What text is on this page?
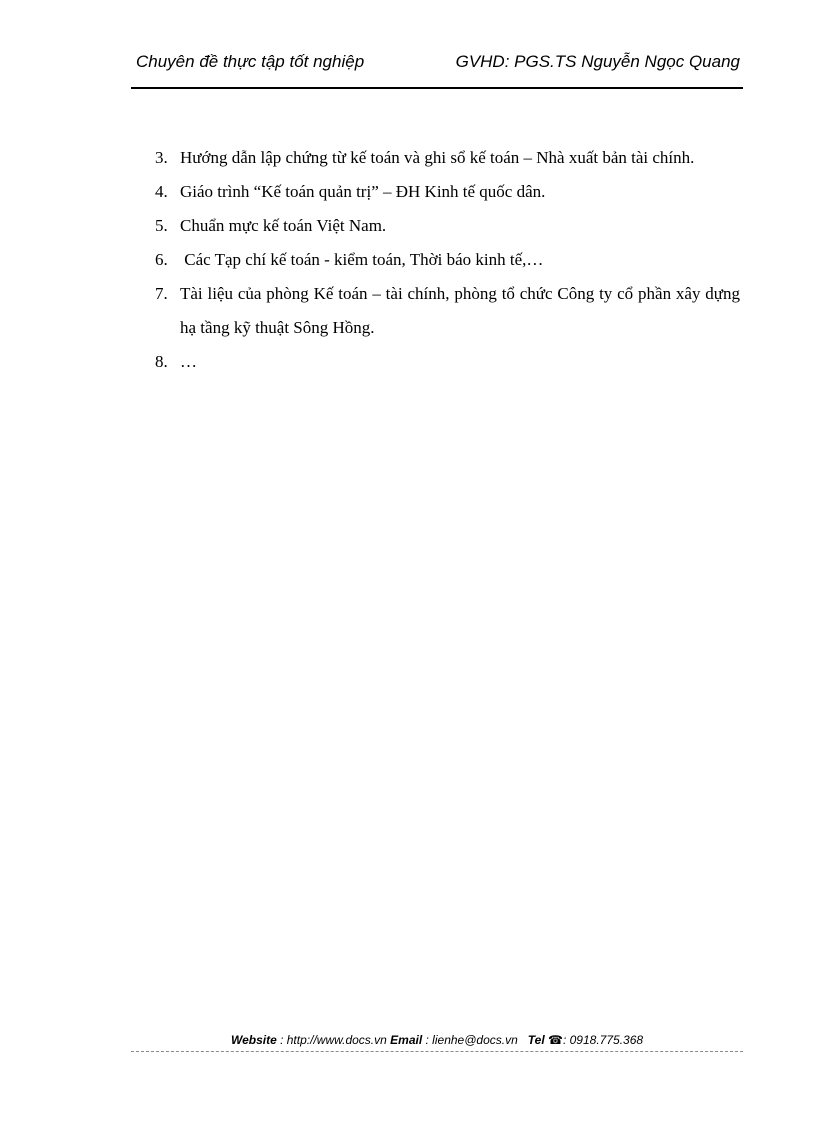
Chuyên đề thực tập tốt nghiệp	GVHD: PGS.TS Nguyễn Ngọc Quang
3. Hướng dẫn lập chứng từ kế toán và ghi sổ kế toán – Nhà xuất bản tài chính.
4. Giáo trình “Kế toán quản trị” – ĐH Kinh tế quốc dân.
5. Chuẩn mực kế toán Việt Nam.
6. Các Tạp chí kế toán - kiểm toán, Thời báo kinh tế,…
7. Tài liệu của phòng Kế toán – tài chính, phòng tổ chức Công ty cổ phần xây dựng hạ tầng kỹ thuật Sông Hồng.
8. …
Website : http://www.docs.vn Email : lienhe@docs.vn Tel ☎: 0918.775.368
